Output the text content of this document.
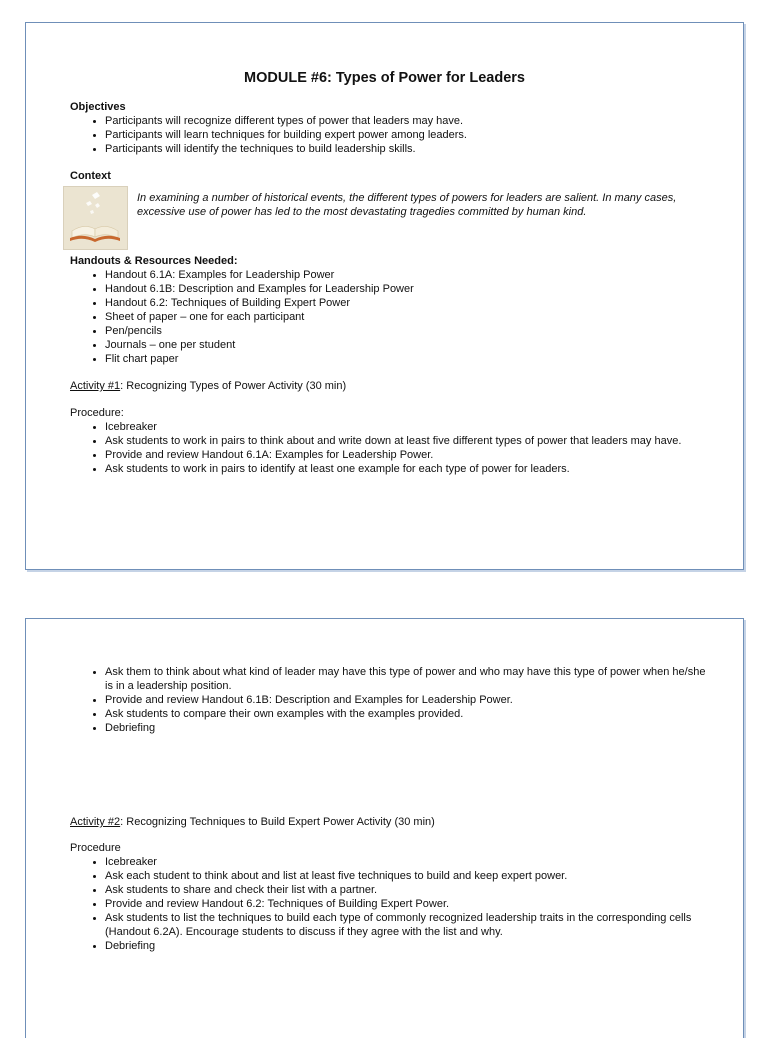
MODULE #6: Types of Power for Leaders

Objectives

• Participants will recognize different types of power that leaders may have.
• Participants will learn techniques for building expert power among leaders.
• Participants will identify the techniques to build leadership skills.

Context

In examining a number of historical events, the different types of powers for leaders are salient. In many cases, excessive use of power has led to the most devastating tragedies committed by human kind.

Handouts & Resources Needed:

• Handout 6.1A: Examples for Leadership Power
• Handout 6.1B: Description and Examples for Leadership Power
• Handout 6.2: Techniques of Building Expert Power
• Sheet of paper – one for each participant
• Pen/pencils
• Journals – one per student
• Flit chart paper

Activity #1: Recognizing Types of Power Activity (30 min)

Procedure:

• Icebreaker
• Ask students to work in pairs to think about and write down at least five different types of power that leaders may have.
• Provide and review Handout 6.1A: Examples for Leadership Power.
• Ask students to work in pairs to identify at least one example for each type of power for leaders.
• Ask them to think about what kind of leader may have this type of power and who may have this type of power when he/she is in a leadership position.
• Provide and review Handout 6.1B: Description and Examples for Leadership Power.
• Ask students to compare their own examples with the examples provided.
• Debriefing

Activity #2: Recognizing Techniques to Build Expert Power Activity (30 min)

Procedure

• Icebreaker
• Ask each student to think about and list at least five techniques to build and keep expert power.
• Ask students to share and check their list with a partner.
• Provide and review Handout 6.2: Techniques of Building Expert Power.
• Ask students to list the techniques to build each type of commonly recognized leadership traits in the corresponding cells (Handout 6.2A). Encourage students to discuss if they agree with the list and why.
• Debriefing
